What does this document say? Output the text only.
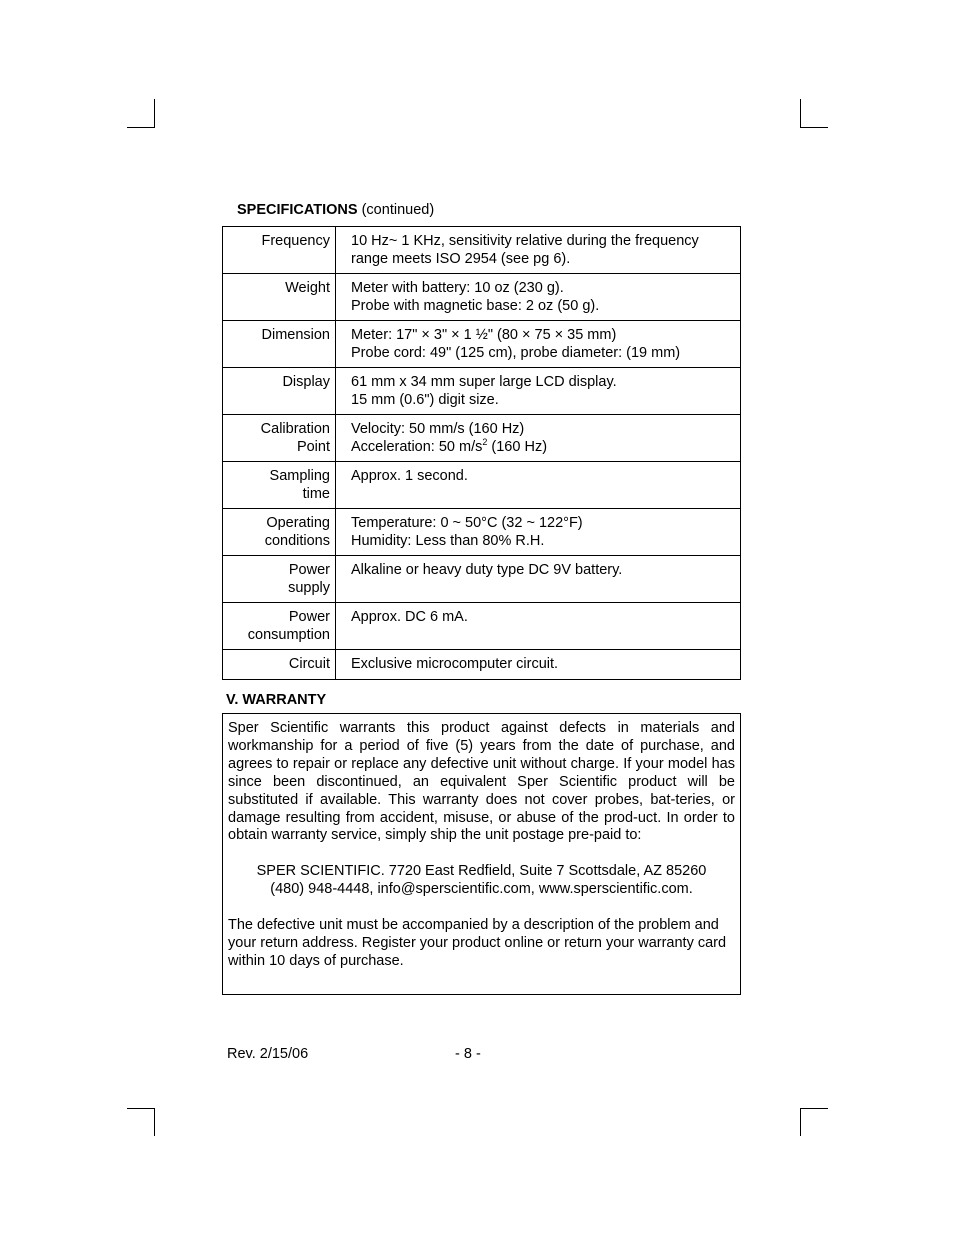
SPECIFICATIONS (continued)
Frequency	10 Hz~ 1 KHz, sensitivity relative during the frequency
range meets ISO 2954 (see pg 6).

Weight	Meter with battery: 10 oz (230 g).
Probe with magnetic base: 2 oz (50 g).

Dimension	Meter: 17" × 3" × 1 ½" (80 × 75 × 35 mm)
Probe cord: 49" (125 cm), probe diameter: (19 mm)

Display	61 mm x 34 mm super large LCD display.
15 mm (0.6") digit size.

Calibration
Point	Velocity: 50 mm/s (160 Hz)
Acceleration: 50 $m/s^2$ (160 Hz)

Sampling
time	Approx. 1 second.

Operating
conditions	Temperature: 0 ~ 50°C (32 ~ 122°F)
Humidity: Less than 80% R.H.

Power
supply	Alkaline or heavy duty type DC 9V battery.

Power
consumption	Approx. DC 6 mA.

Circuit	Exclusive microcomputer circuit.
V. WARRANTY

Sper Scientific warrants this product against defects in materials and workmanship for a period of five (5) years from the date of purchase, and agrees to repair or replace any defective unit without charge. If your model has since been discontinued, an equivalent Sper Scientific product will be substituted if available. This warranty does not cover probes, bat-teries, or damage resulting from accident, misuse, or abuse of the prod-uct. In order to obtain warranty service, simply ship the unit postage pre-paid to:

SPER SCIENTIFIC. 7720 East Redfield, Suite 7 Scottsdale, AZ 85260

(480) 948-4448, info@sperscientific.com, www.sperscientific.com.

The defective unit must be accompanied by a description of the problem and your return address. Register your product online or return your warranty card within 10 days of purchase.

Rev. 2/15/06	- 8 -
